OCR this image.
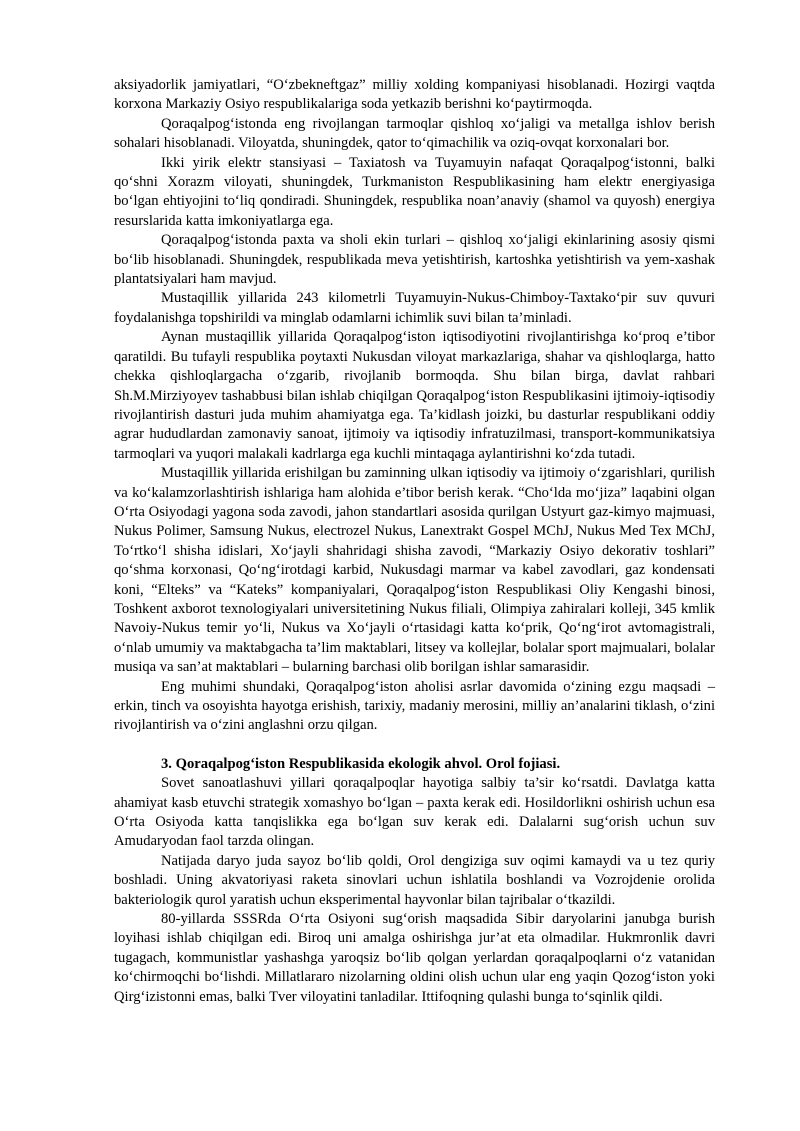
aksiyadorlik jamiyatlari, “O‘zbekneftgaz” milliy xolding kompaniyasi hisoblanadi. Hozirgi vaqtda korxona Markaziy Osiyo respublikalariga soda yetkazib berishni ko‘paytirmoqda.

Qoraqalpog‘istonda eng rivojlangan tarmoqlar qishloq xo‘jaligi va metallga ishlov berish sohalari hisoblanadi. Viloyatda, shuningdek, qator to‘qimachilik va oziq-ovqat korxonalari bor.

Ikki yirik elektr stansiyasi – Taxiatosh va Tuyamuyin nafaqat Qoraqalpog‘istonni, balki qo‘shni Xorazm viloyati, shuningdek, Turkmaniston Respublikasining ham elektr energiyasiga bo‘lgan ehtiyojini to‘liq qondiradi. Shuningdek, respublika noan’anaviy (shamol va quyosh) energiya resurslarida katta imkoniyatlarga ega.

Qoraqalpog‘istonda paxta va sholi ekin turlari – qishloq xo‘jaligi ekinlarining asosiy qismi bo‘lib hisoblanadi. Shuningdek, respublikada meva yetishtirish, kartoshka yetishtirish va yem-xashak plantatsiyalari ham mavjud.

Mustaqillik yillarida 243 kilometrli Tuyamuyin-Nukus-Chimboy-Taxtako‘pir suv quvuri foydalanishga topshirildi va minglab odamlarni ichimlik suvi bilan ta’minladi.

Aynan mustaqillik yillarida Qoraqalpog‘iston iqtisodiyotini rivojlantirishga ko‘proq e’tibor qaratildi. Bu tufayli respublika poytaxti Nukusdan viloyat markazlariga, shahar va qishloqlarga, hatto chekka qishloqlargacha o‘zgarib, rivojlanib bormoqda. Shu bilan birga, davlat rahbari Sh.M.Mirziyoyev tashabbusi bilan ishlab chiqilgan Qoraqalpog‘iston Respublikasini ijtimoiy-iqtisodiy rivojlantirish dasturi juda muhim ahamiyatga ega. Ta’kidlash joizki, bu dasturlar respublikani oddiy agrar hududlardan zamonaviy sanoat, ijtimoiy va iqtisodiy infratuzilmasi, transport-kommunikatsiya tarmoqlari va yuqori malakali kadrlarga ega kuchli mintaqaga aylantirishni ko‘zda tutadi.

Mustaqillik yillarida erishilgan bu zaminning ulkan iqtisodiy va ijtimoiy o‘zgarishlari, qurilish va ko‘kalamzorlashtirish ishlariga ham alohida e’tibor berish kerak. “Cho‘lda mo‘jiza” laqabini olgan O‘rta Osiyodagi yagona soda zavodi, jahon standartlari asosida qurilgan Ustyurt gaz-kimyo majmuasi, Nukus Polimer, Samsung Nukus, electrozel Nukus, Lanextrakt Gospel MChJ, Nukus Med Tex MChJ, To‘rtko‘l shisha idislari, Xo‘jayli shahridagi shisha zavodi, “Markaziy Osiyo dekorativ toshlari” qo‘shma korxonasi, Qo‘ng‘irotdagi karbid, Nukusdagi marmar va kabel zavodlari, gaz kondensati koni, “Elteks” va “Kateks” kompaniyalari, Qoraqalpog‘iston Respublikasi Oliy Kengashi binosi, Toshkent axborot texnologiyalari universitetining Nukus filiali, Olimpiya zahiralari kolleji, 345 kmlik Navoiy-Nukus temir yo‘li, Nukus va Xo‘jayli o‘rtasidagi katta ko‘prik, Qo‘ng‘irot avtomagistrali, o‘nlab umumiy va maktabgacha ta’lim maktablari, litsey va kollejlar, bolalar sport majmualari, bolalar musiqa va san’at maktablari – bularning barchasi olib borilgan ishlar samarasidir.

Eng muhimi shundaki, Qoraqalpog‘iston aholisi asrlar davomida o‘zining ezgu maqsadi – erkin, tinch va osoyishta hayotga erishish, tarixiy, madaniy merosini, milliy an’analarini tiklash, o‘zini rivojlantirish va o‘zini anglashni orzu qilgan.

3. Qoraqalpog‘iston Respublikasida ekologik ahvol. Orol fojiasi.

Sovet sanoatlashuvi yillari qoraqalpoqlar hayotiga salbiy ta’sir ko‘rsatdi. Davlatga katta ahamiyat kasb etuvchi strategik xomashyo bo‘lgan – paxta kerak edi. Hosildorlikni oshirish uchun esa O‘rta Osiyoda katta tanqislikka ega bo‘lgan suv kerak edi. Dalalarni sug‘orish uchun suv Amudaryodan faol tarzda olingan.

Natijada daryo juda sayoz bo‘lib qoldi, Orol dengiziga suv oqimi kamaydi va u tez quriy boshladi. Uning akvatoriyasi raketa sinovlari uchun ishlatila boshlandi va Vozrojdenie orolida bakteriologik qurol yaratish uchun eksperimental hayvonlar bilan tajribalar o‘tkazildi.

80-yillarda SSSRda O‘rta Osiyoni sug‘orish maqsadida Sibir daryolarini janubga burish loyihasi ishlab chiqilgan edi. Biroq uni amalga oshirishga jur’at eta olmadilar. Hukmronlik davri tugagach, kommunistlar yashashga yaroqsiz bo‘lib qolgan yerlardan qoraqalpoqlarni o‘z vatanidan ko‘chirmoqchi bo‘lishdi. Millatlararo nizolarning oldini olish uchun ular eng yaqin Qozog‘iston yoki Qirg‘izistonni emas, balki Tver viloyatini tanladilar. Ittifoqning qulashi bunga to‘sqinlik qildi.
